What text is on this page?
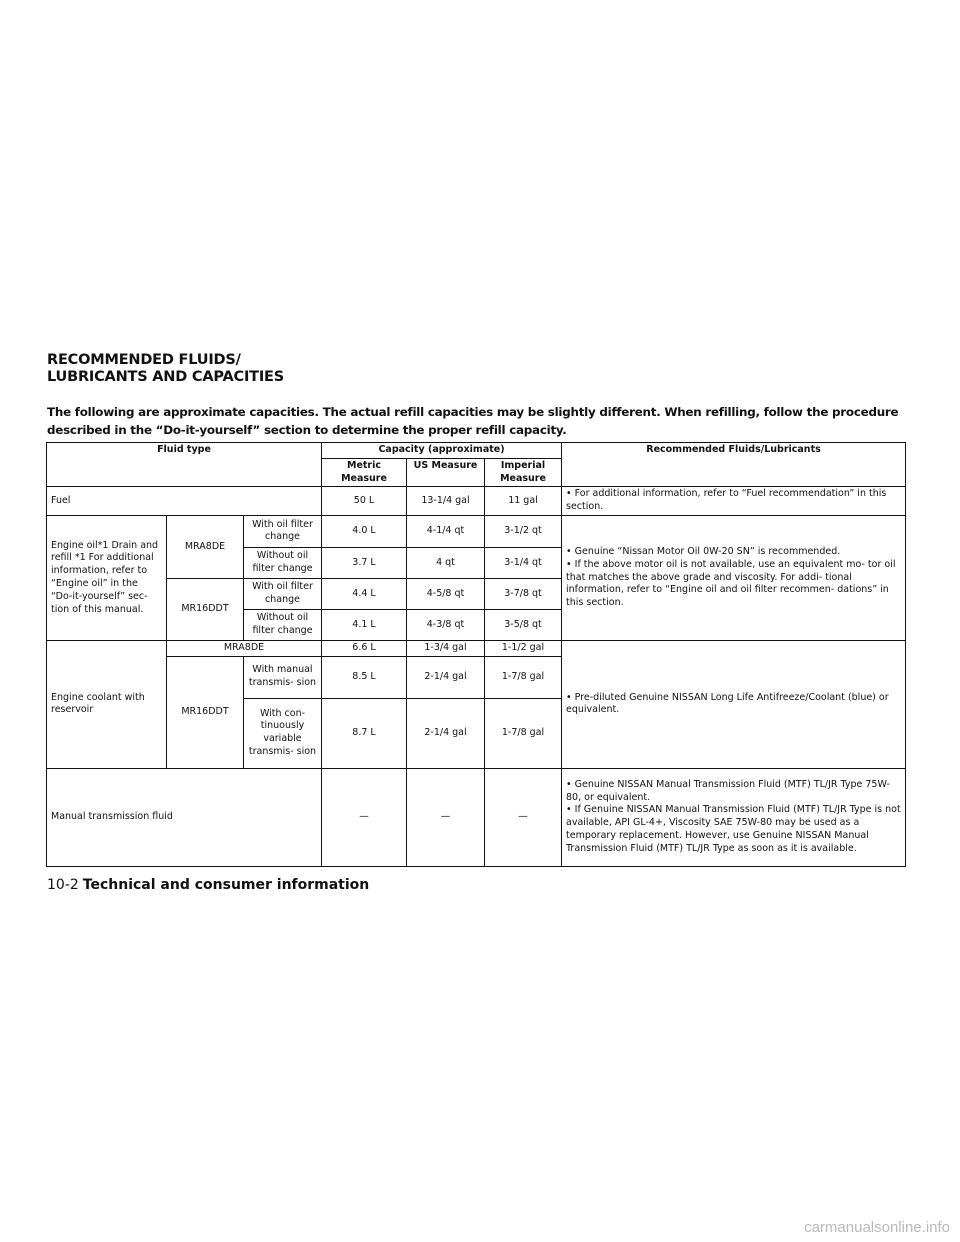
RECOMMENDED FLUIDS/
LUBRICANTS AND CAPACITIES
The following are approximate capacities. The actual refill capacities may be slightly different. When refilling, follow the procedure described in the “Do-it-yourself” section to determine the proper refill capacity.
Fluid type			Capacity (approximate)			Recommended Fluids/Lubricants
			Metric Measure	US Measure	Imperial Measure	
Fuel			50 L	13-1/4 gal	11 gal	• For additional information, refer to “Fuel recommendation” in this section.
Engine oil*1 Drain and refill *1 For additional information, refer to “Engine oil” in the “Do-it-yourself” sec- tion of this manual.	MRA8DE	With oil filter change	4.0 L	4-1/4 qt	3-1/2 qt	• Genuine “Nissan Motor Oil 0W-20 SN” is recommended.
• If the above motor oil is not available, use an equivalent mo- tor oil that matches the above grade and viscosity. For addi- tional information, refer to “Engine oil and oil filter recommen- dations” in this section.

		Without oil filter change	3.7 L	4 qt	3-1/4 qt	
	MR16DDT	With oil filter change	4.4 L	4-5/8 qt	3-7/8 qt	
		Without oil filter change	4.1 L	4-3/8 qt	3-5/8 qt	
Engine coolant with reservoir	MRA8DE		6.6 L	1-3/4 gal	1-1/2 gal	• Pre-diluted Genuine NISSAN Long Life Antifreeze/Coolant (blue) or equivalent.
	MR16DDT	With manual transmis- sion	8.5 L	2-1/4 gal	1-7/8 gal	
		With con- tinuously variable transmis- sion	8.7 L	2-1/4 gal	1-7/8 gal	
Manual transmission fluid			—	—	—	• Genuine NISSAN Manual Transmission Fluid (MTF) TL/JR Type 75W-80, or equivalent.
• If Genuine NISSAN Manual Transmission Fluid (MTF) TL/JR Type is not available, API GL-4+, Viscosity SAE 75W-80 may be used as a temporary replacement. However, use Genuine NISSAN Manual Transmission Fluid (MTF) TL/JR Type as soon as it is available.
10-2 Technical and consumer information
carmanualsonline.info
